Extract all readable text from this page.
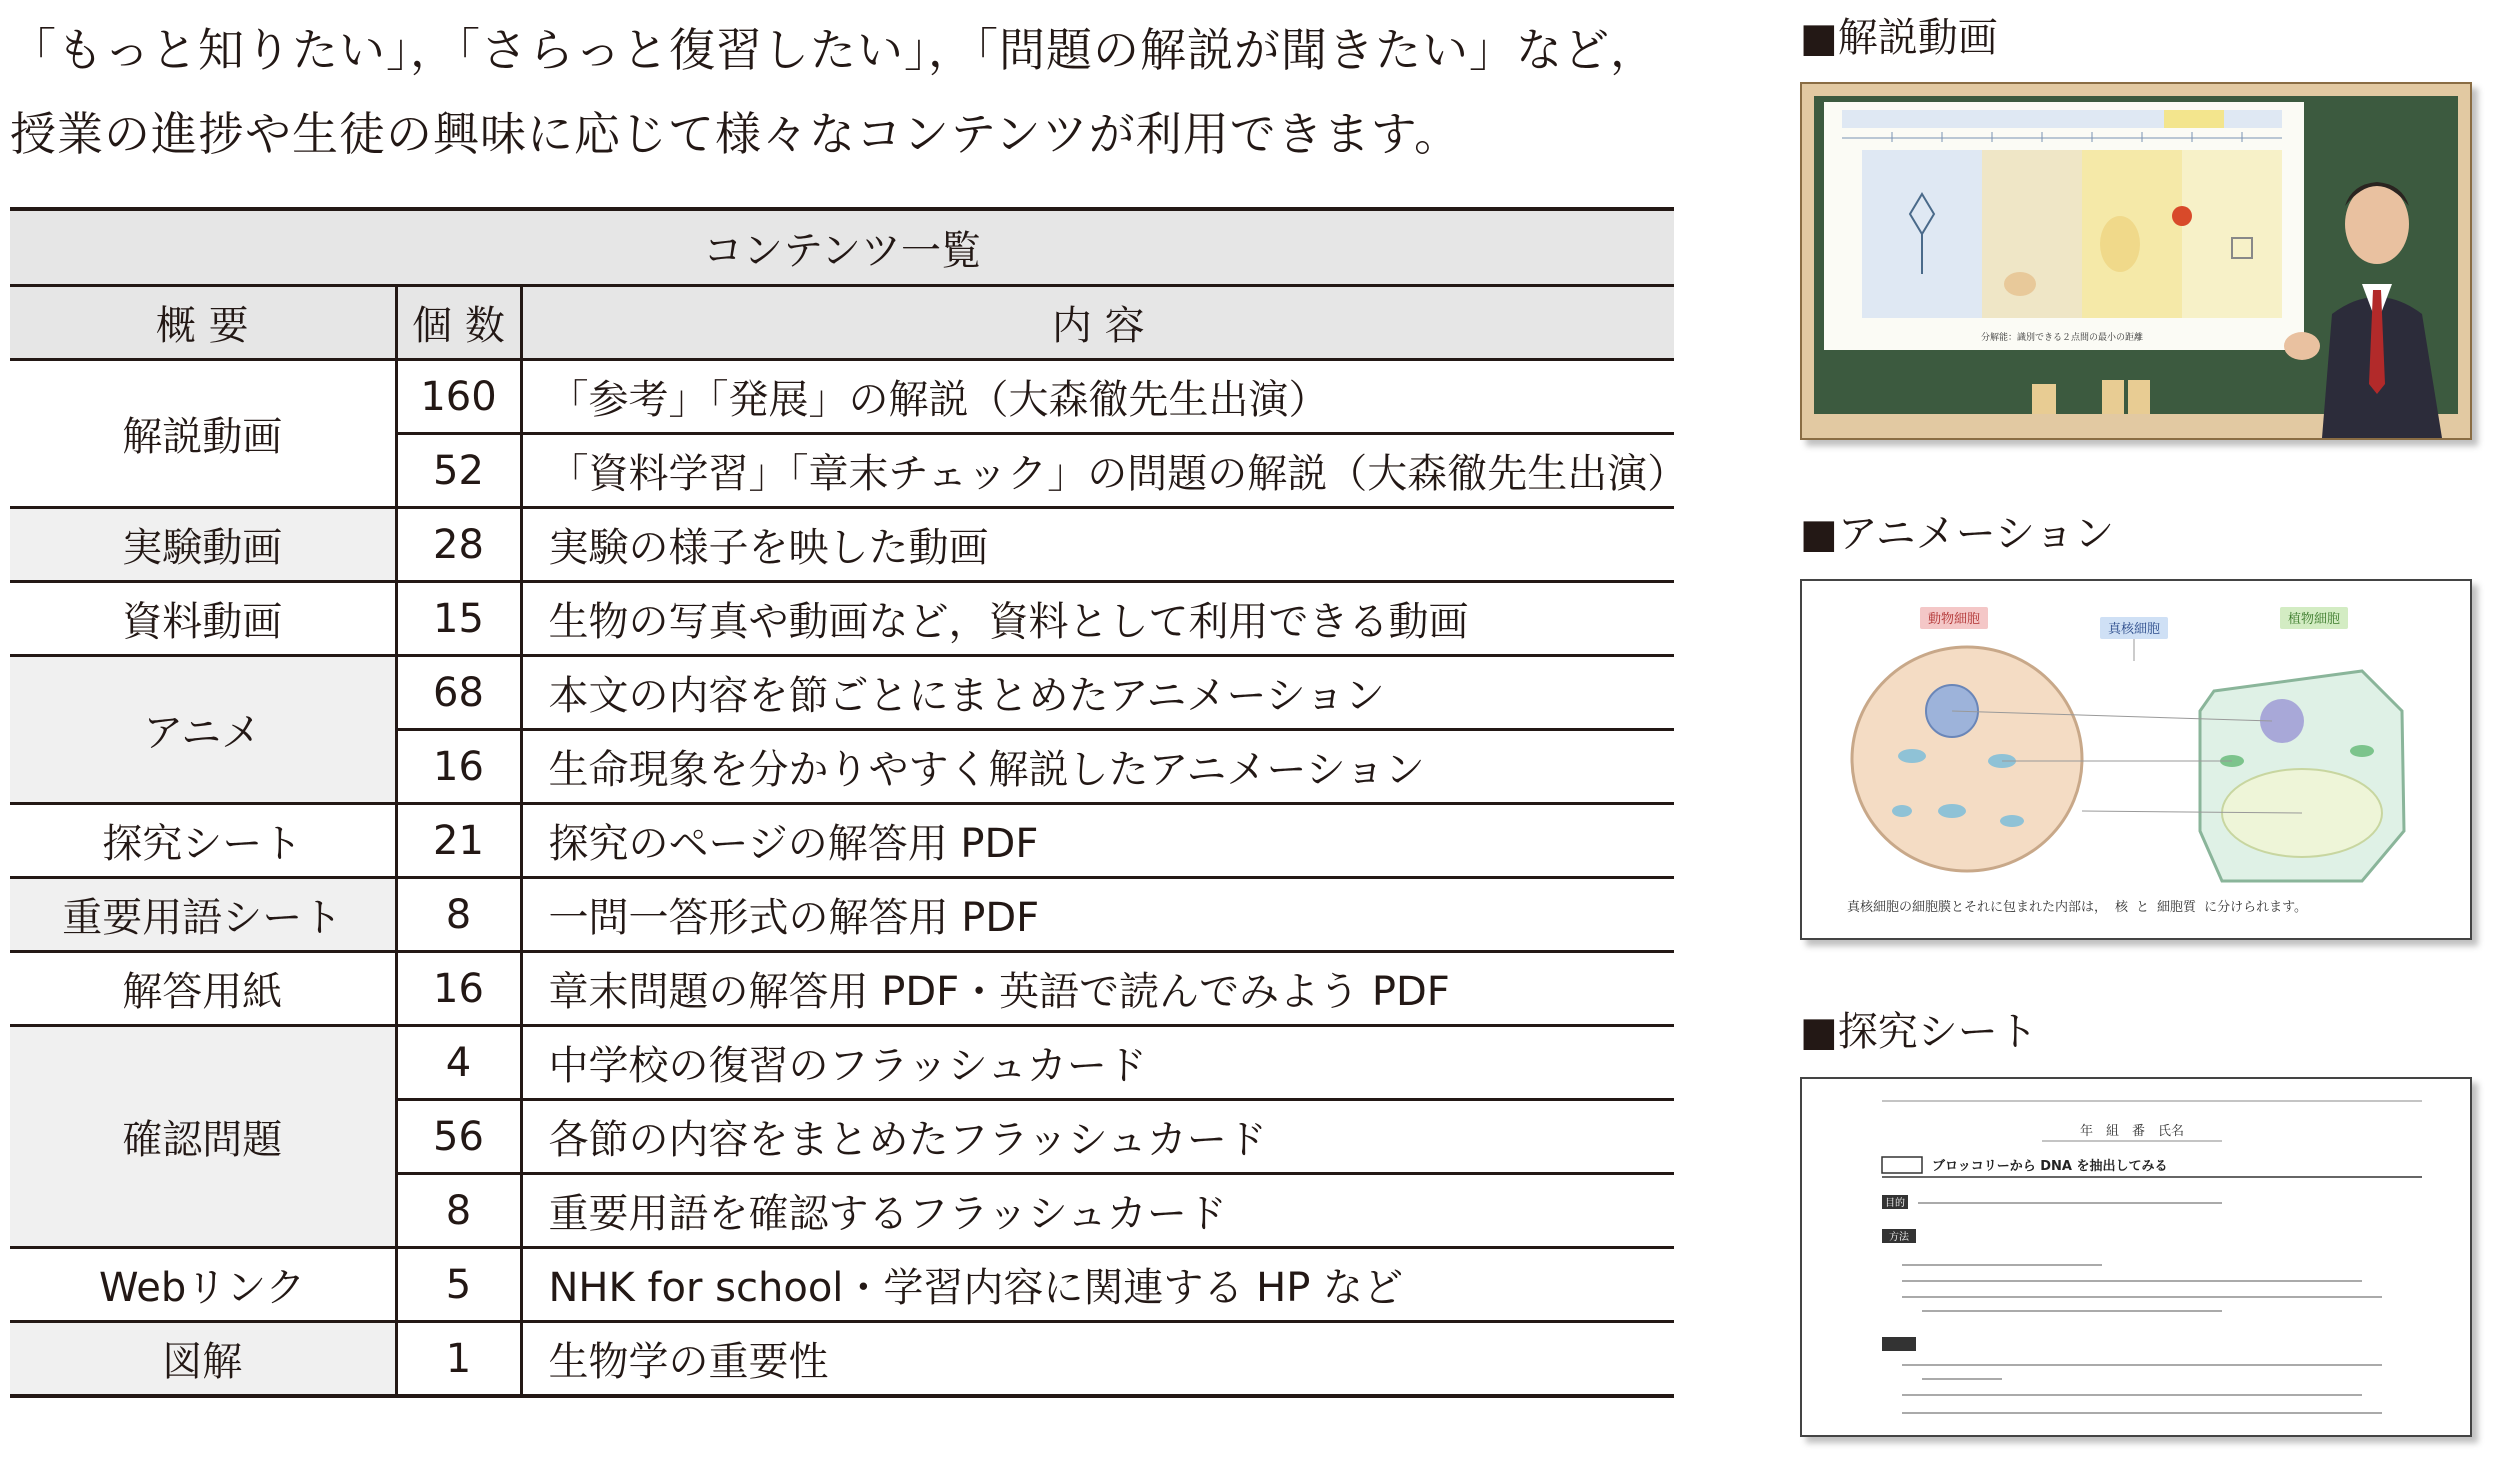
「もっと知りたい」，「さらっと復習したい」，「問題の解説が聞きたい」など，

授業の進捗や生徒の興味に応じて様々なコンテンツが利用できます。

コンテンツ一覧		
概 要	個 数	内 容
解説動画	160	「参考」「発展」の解説（大森徹先生出演）
	52	「資料学習」「章末チェック」の問題の解説（大森徹先生出演）
実験動画	28	実験の様子を映した動画
資料動画	15	生物の写真や動画など，資料として利用できる動画
アニメ	68	本文の内容を節ごとにまとめたアニメーション
	16	生命現象を分かりやすく解説したアニメーション
探究シート	21	探究のページの解答用 PDF
重要用語シート	8	一問一答形式の解答用 PDF
解答用紙	16	章末問題の解答用 PDF・英語で読んでみよう PDF
確認問題	4	中学校の復習のフラッシュカード
	56	各節の内容をまとめたフラッシュカード
	8	重要用語を確認するフラッシュカード
Webリンク	5	NHK for school・学習内容に関連する HP など
図解	1	生物学の重要性
■解説動画
分解能：識別できる２点間の最小の距離
■アニメーション
動物細胞
真核細胞
植物細胞
真核細胞の細胞膜とそれに包まれた内部は， 核 と 細胞質 に分けられます。
■探究シート
年　組　番　氏名
ブロッコリーから DNA を抽出してみる
目的
方法
